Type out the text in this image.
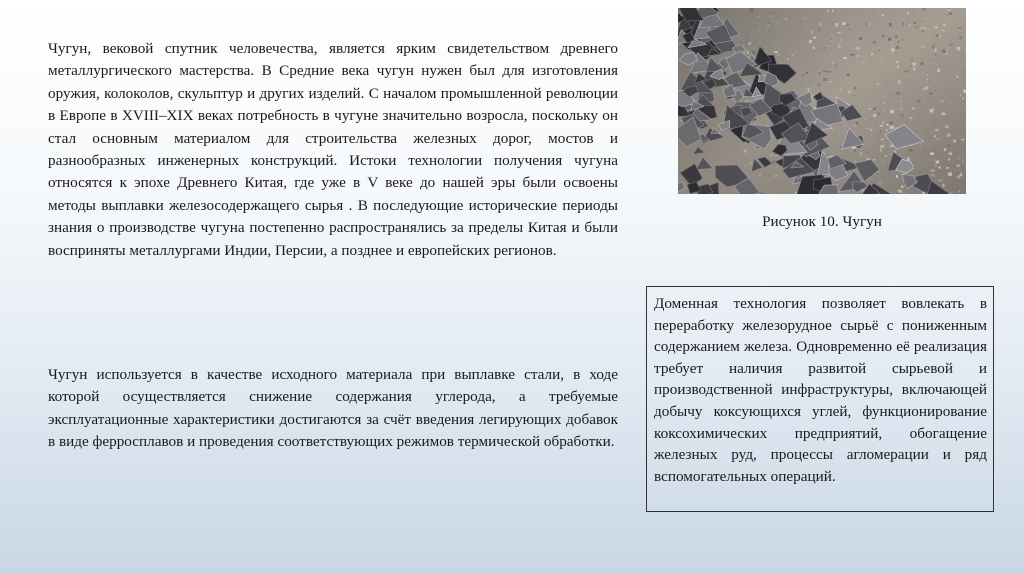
Чугун, вековой спутник человечества, является ярким свидетельством древнего металлургического мастерства. В Средние века чугун нужен был для изготовления оружия, колоколов, скульптур и других изделий. С началом промышленной революции в Европе в XVIII–XIX веках потребность в чугуне значительно возросла, поскольку он стал основным материалом для строительства железных дорог, мостов и разнообразных инженерных конструкций. Истоки технологии получения чугуна относятся к эпохе Древнего Китая, где уже в V веке до нашей эры были освоены методы выплавки железосодержащего сырья . В последующие исторические периоды знания о производстве чугуна постепенно распространялись за пределы Китая и были восприняты металлургами Индии, Персии, а позднее и европейских регионов.

Чугун используется в качестве исходного материала при выплавке стали, в ходе которой осуществляется снижение содержания углерода, а требуемые эксплуатационные характеристики достигаются за счёт введения легирующих добавок в виде ферросплавов и проведения соответствующих режимов термической обработки.

Рисунок 10. Чугун
Доменная технология позволяет вовлекать в переработку железорудное сырьё с пониженным содержанием железа. Одновременно её реализация требует наличия развитой сырьевой и производственной инфраструктуры, включающей добычу коксующихся углей, функционирование коксохимических предприятий, обогащение железных руд, процессы агломерации и ряд вспомогательных операций.
